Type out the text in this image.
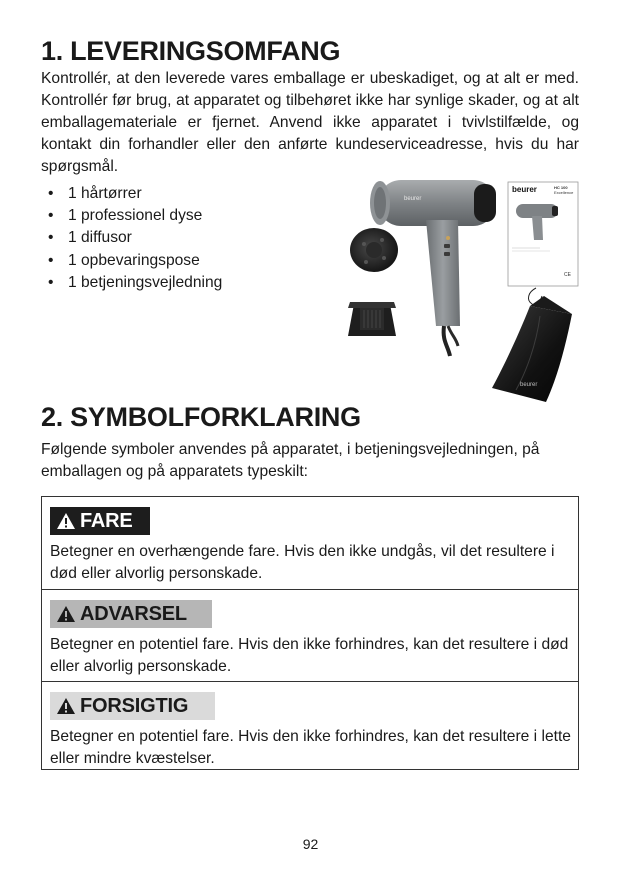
1. LEVERINGSOMFANG

Kontrollér, at den leverede vares emballage er ubeskadiget, og at alt er med. Kontrollér før brug, at apparatet og tilbehøret ikke har synlige skader, og at alt emballagemateriale er fjernet. Anvend ikke apparatet i tvivlstilfælde, og kontakt din forhandler eller den anførte kundeserviceadresse, hvis du har spørgsmål.

• 1 hårtørrer
• 1 professionel dyse
• 1 diffusor
• 1 opbevaringspose
• 1 betjeningsvejledning
beurer
beurer	HC 100
Excellence
CE
beurer
2. SYMBOLFORKLARING

Følgende symboler anvendes på apparatet, i betjeningsvejledningen, på emballagen og på apparatets typeskilt:

FARE

Betegner en overhængende fare. Hvis den ikke undgås, vil det resultere i død eller alvorlig personskade.

ADVARSEL

Betegner en potentiel fare. Hvis den ikke forhindres, kan det resultere i død eller alvorlig personskade.

FORSIGTIG

Betegner en potentiel fare. Hvis den ikke forhindres, kan det resultere i lette eller mindre kvæstelser.

92
